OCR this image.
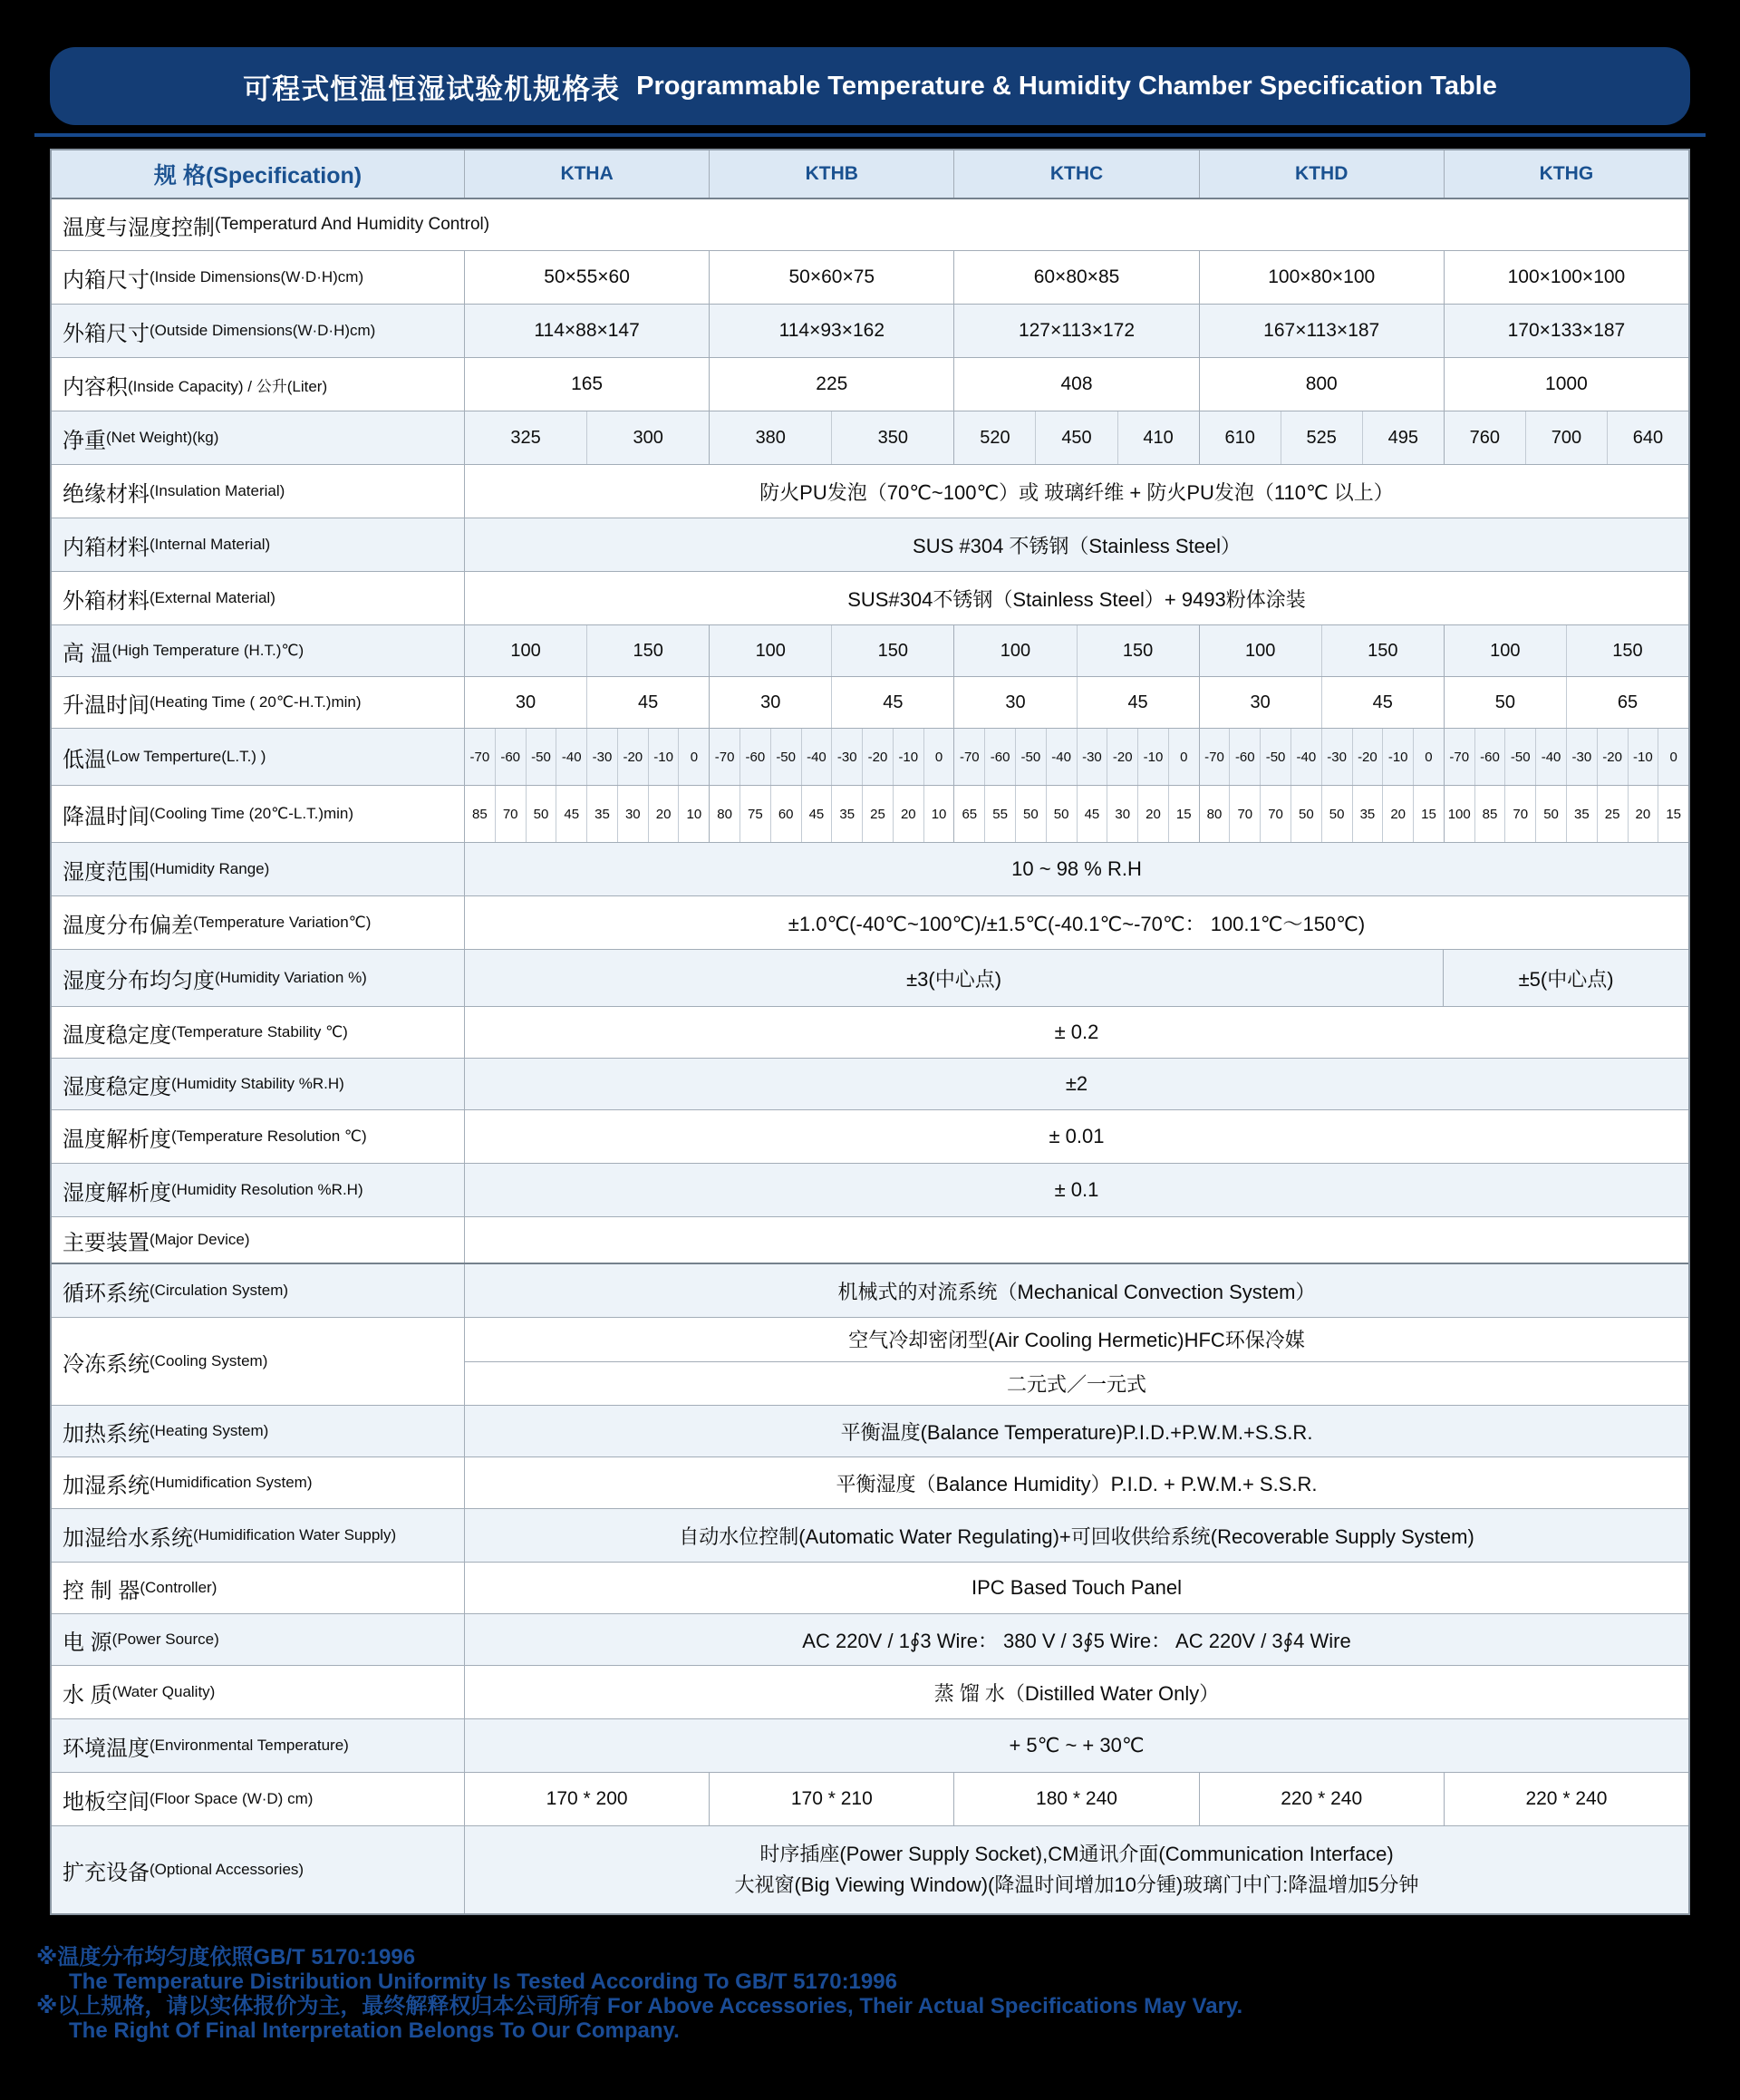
可程式恒温恒湿试验机规格表 Programmable Temperature & Humidity Chamber Specification Table
规 格(Specification)	KTHA	KTHB	KTHC	KTHD	KTHG
温度与湿度控制 (Temperaturd And Humidity Control)
内箱尺寸 (Inside Dimensions(W·D·H)cm)	50×55×60	50×60×75	60×80×85	100×80×100	100×100×100
外箱尺寸 (Outside Dimensions(W·D·H)cm)	114×88×147	114×93×162	127×113×172	167×113×187	170×133×187
内容积 (Inside Capacity) / 公升(Liter)	165	225	408	800	1000
净重 (Net Weight)(kg)	325	300	380	350	520	450	410	610	525	495	760	700	640
绝缘材料 (Insulation Material)	防火PU发泡（70℃~100℃）或 玻璃纤维 + 防火PU发泡（110℃ 以上）
内箱材料 (Internal Material)	SUS #304 不锈钢（Stainless Steel）
外箱材料 (External Material)	SUS#304不锈钢（Stainless Steel）+ 9493粉体涂装
高 温 (High Temperature (H.T.)℃)	100	150	100	150	100	150	100	150	100	150
升温时间 (Heating Time ( 20℃-H.T.)min)	30	45	30	45	30	45	30	45	50	65
低温 (Low Temperture(L.T.) )	-70 -60 -50 -40 -30 -20 -10	0	-70 -60 -50 -40 -30 -20 -10	0	-70 -60 -50 -40 -30 -20 -10	0	-70 -60 -50 -40 -30 -20 -10	0	-70 -60 -50 -40 -30 -20 -10	0
降温时间 (Cooling Time (20℃-L.T.)min)	85	70	50	45	35	30	20	10	80	75	60	45	35	25	20	10	65	55	50	50	45	30	20	15	80	70	70	50	50	35	20	15 100 85	70	50	35	25	20	15
湿度范围 (Humidity Range)	10 ~ 98 % R.H
温度分布偏差 (Temperature Variation℃)	±1.0℃(-40℃~100℃)/±1.5℃(-40.1℃~-70℃： 100.1℃～150℃)
湿度分布均匀度 (Humidity Variation %)	±3(中心点)	±5(中心点)
温度稳定度 (Temperature Stability ℃)	± 0.2
湿度稳定度 (Humidity Stability %R.H)	±2
温度解析度 (Temperature Resolution ℃)	± 0.01
湿度解析度 (Humidity Resolution %R.H)	± 0.1
主要装置 (Major Device)
循环系统 (Circulation System)	机械式的对流系统（Mechanical Convection System）
冷冻系统 (Cooling System)
空气冷却密闭型(Air Cooling Hermetic)HFC环保冷媒
二元式／一元式
加热系统 (Heating System)	平衡温度(Balance Temperature)P.I.D.+P.W.M.+S.S.R.
加湿系统 (Humidification System)	平衡湿度（Balance Humidity）P.I.D. + P.W.M.+ S.S.R.
加湿给水系统 (Humidification Water Supply)	自动水位控制(Automatic Water Regulating)+可回收供给系统(Recoverable Supply System)
控 制 器 (Controller)	IPC Based Touch Panel
电 源 (Power Source)	AC 220V / 1∮3 Wire： 380 V / 3∮5 Wire： AC 220V / 3∮4 Wire
水 质 (Water Quality)	蒸 馏 水（Distilled Water Only）
环境温度 (Environmental Temperature)	+ 5℃ ~ + 30℃
地板空间 (Floor Space (W·D) cm)	170 * 200	170 * 210	180 * 240	220 * 240	220 * 240
扩充设备 (Optional Accessories)
时序插座(Power Supply Socket),CM通讯介面(Communication Interface)
大视窗(Big Viewing Window)(降温时间增加10分锺)玻璃门中门:降温增加5分钟
※温度分布均匀度依照GB/T 5170:1996
The Temperature Distribution Uniformity Is Tested According To GB/T 5170:1996
※以上规格，请以实体报价为主，最终解释权归本公司所有 For Above Accessories, Their Actual Specifications May Vary.
The Right Of Final Interpretation Belongs To Our Company.
